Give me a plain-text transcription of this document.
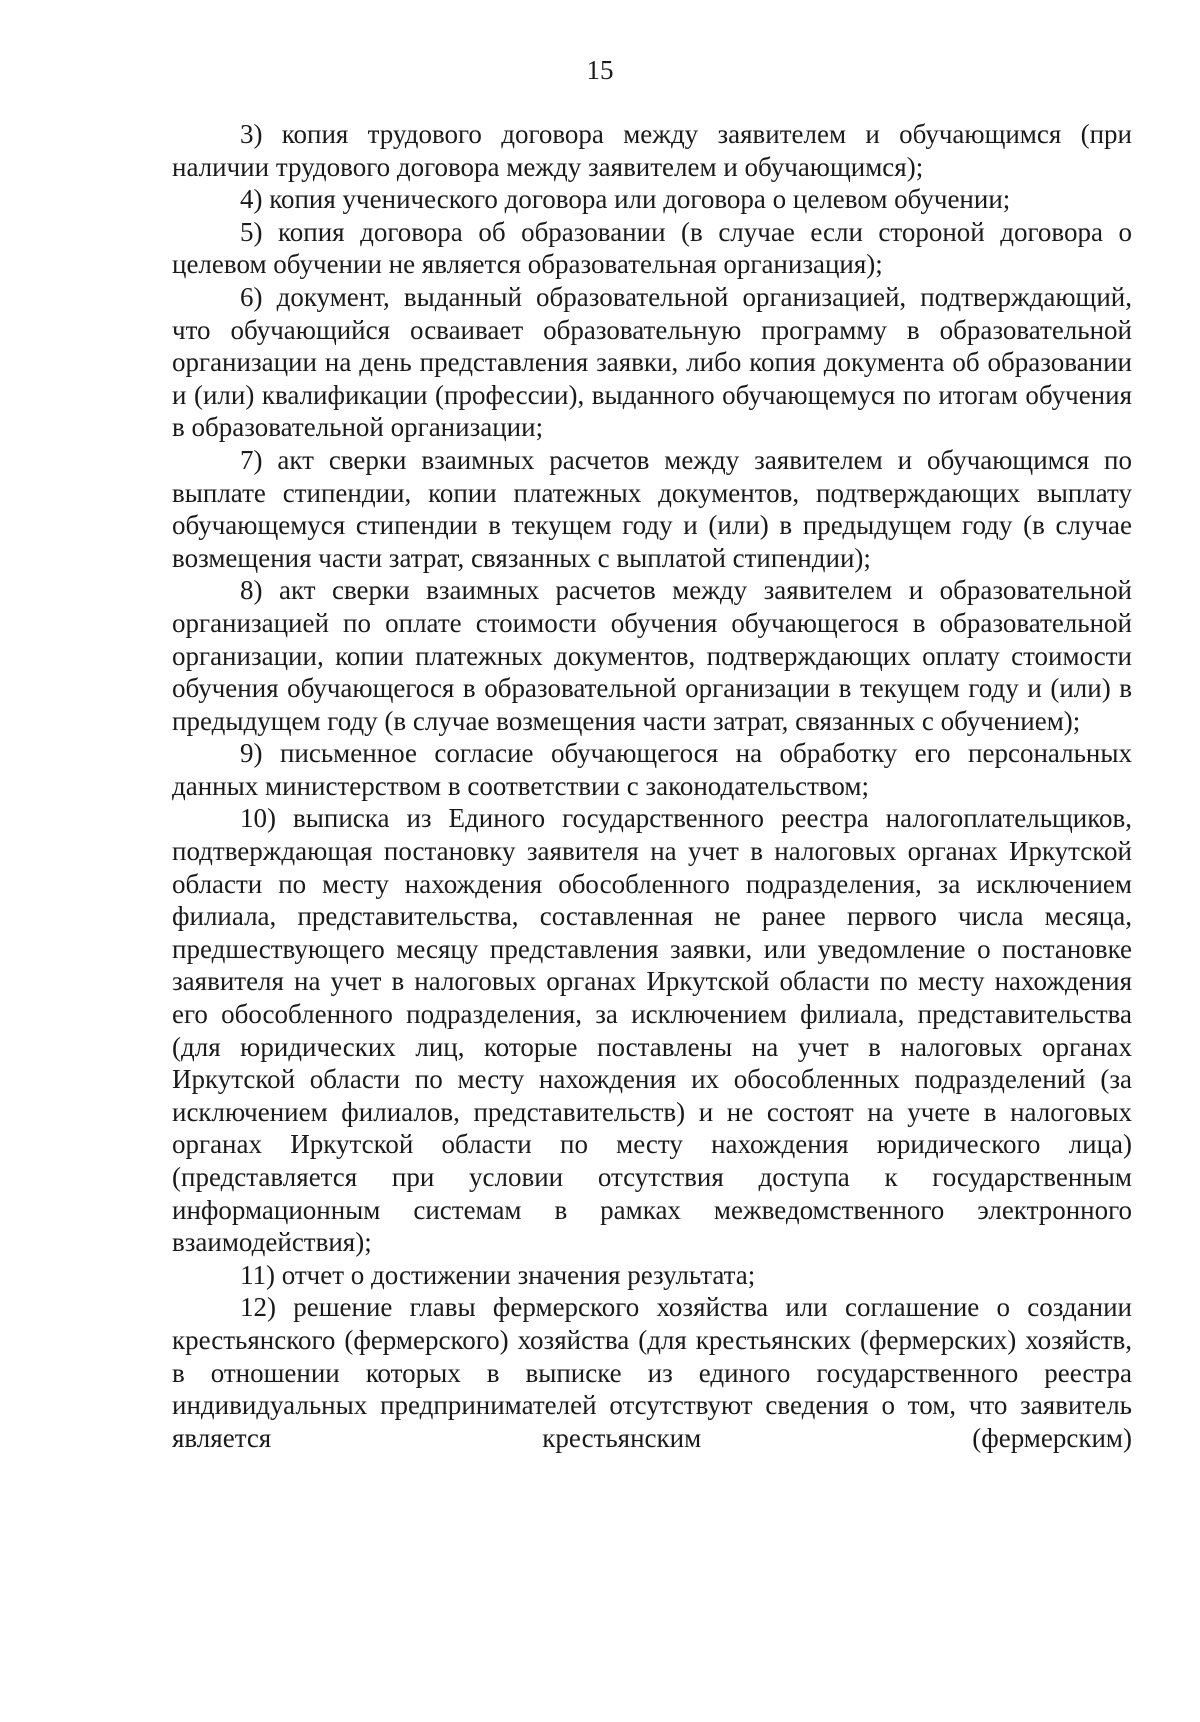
15

3) копия трудового договора между заявителем и обучающимся (при наличии трудового договора между заявителем и обучающимся);

4) копия ученического договора или договора о целевом обучении;

5) копия договора об образовании (в случае если стороной договора о целевом обучении не является образовательная организация);

6) документ, выданный образовательной организацией, подтверждающий, что обучающийся осваивает образовательную программу в образовательной организации на день представления заявки, либо копия документа об образовании и (или) квалификации (профессии), выданного обучающемуся по итогам обучения в образовательной организации;

7) акт сверки взаимных расчетов между заявителем и обучающимся по выплате стипендии, копии платежных документов, подтверждающих выплату обучающемуся стипендии в текущем году и (или) в предыдущем году (в случае возмещения части затрат, связанных с выплатой стипендии);

8) акт сверки взаимных расчетов между заявителем и образовательной организацией по оплате стоимости обучения обучающегося в образовательной организации, копии платежных документов, подтверждающих оплату стоимости обучения обучающегося в образовательной организации в текущем году и (или) в предыдущем году (в случае возмещения части затрат, связанных с обучением);

9) письменное согласие обучающегося на обработку его персональных данных министерством в соответствии с законодательством;

10) выписка из Единого государственного реестра налогоплательщиков, подтверждающая постановку заявителя на учет в налоговых органах Иркутской области по месту нахождения обособленного подразделения, за исключением филиала, представительства, составленная не ранее первого числа месяца, предшествующего месяцу представления заявки, или уведомление о постановке заявителя на учет в налоговых органах Иркутской области по месту нахождения его обособленного подразделения, за исключением филиала, представительства (для юридических лиц, которые поставлены на учет в налоговых органах Иркутской области по месту нахождения их обособленных подразделений (за исключением филиалов, представительств) и не состоят на учете в налоговых органах Иркутской области по месту нахождения юридического лица) (представляется при условии отсутствия доступа к государственным информационным системам в рамках межведомственного электронного взаимодействия);

11) отчет о достижении значения результата;

12) решение главы фермерского хозяйства или соглашение о создании крестьянского (фермерского) хозяйства (для крестьянских (фермерских) хозяйств, в отношении которых в выписке из единого государственного реестра индивидуальных предпринимателей отсутствуют сведения о том, что заявитель является крестьянским (фермерским)
